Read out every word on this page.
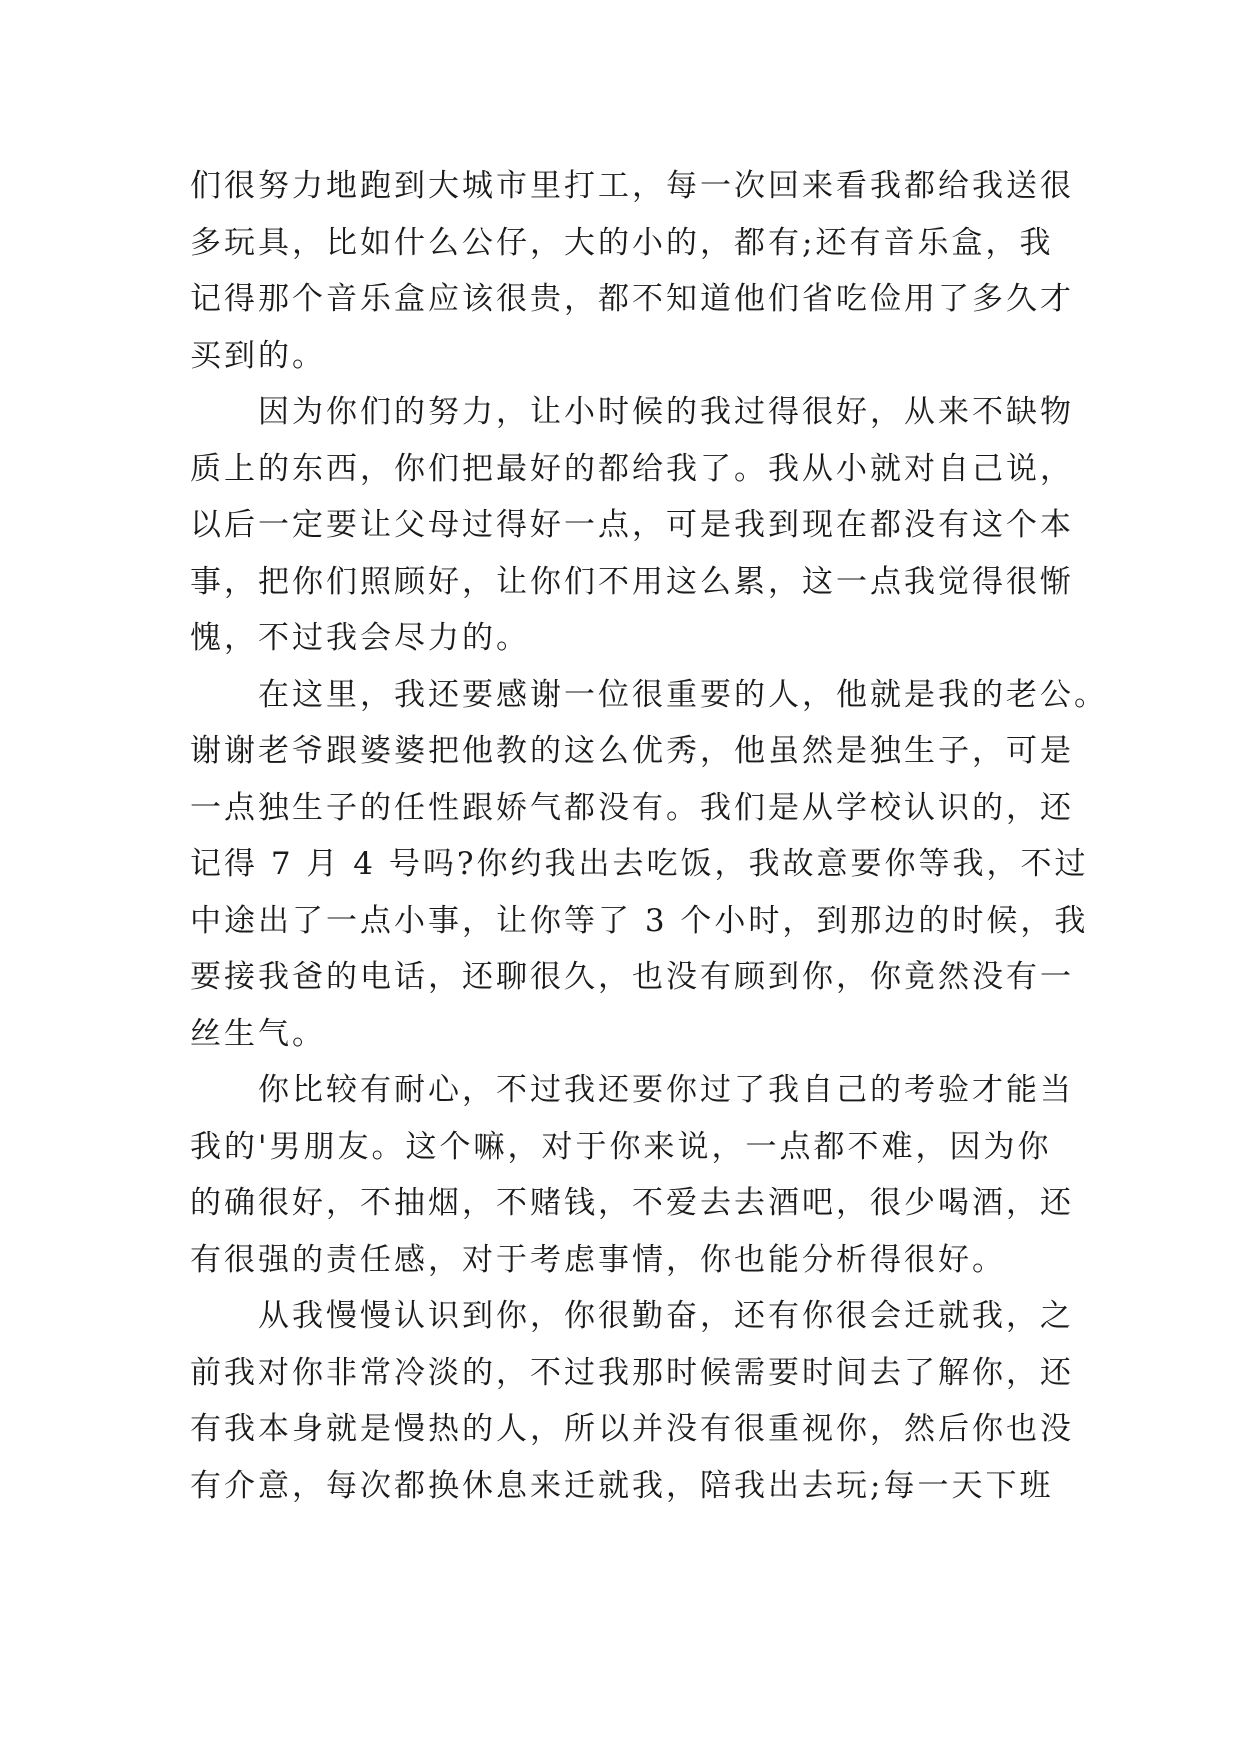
们很努力地跑到大城市里打工，每一次回来看我都给我送很
多玩具，比如什么公仔，大的小的，都有;还有音乐盒，我
记得那个音乐盒应该很贵，都不知道他们省吃俭用了多久才
买到的。
因为你们的努力，让小时候的我过得很好，从来不缺物
质上的东西，你们把最好的都给我了。我从小就对自己说，
以后一定要让父母过得好一点，可是我到现在都没有这个本
事，把你们照顾好，让你们不用这么累，这一点我觉得很惭
愧，不过我会尽力的。
在这里，我还要感谢一位很重要的人，他就是我的老公。
谢谢老爷跟婆婆把他教的这么优秀，他虽然是独生子，可是
一点独生子的任性跟娇气都没有。我们是从学校认识的，还
记得 7 月 4 号吗?你约我出去吃饭，我故意要你等我，不过
中途出了一点小事，让你等了 3 个小时，到那边的时候，我
要接我爸的电话，还聊很久，也没有顾到你，你竟然没有一
丝生气。
你比较有耐心，不过我还要你过了我自己的考验才能当
我的'男朋友。这个嘛，对于你来说，一点都不难，因为你
的确很好，不抽烟，不赌钱，不爱去去酒吧，很少喝酒，还
有很强的责任感，对于考虑事情，你也能分析得很好。
从我慢慢认识到你，你很勤奋，还有你很会迁就我，之
前我对你非常冷淡的，不过我那时候需要时间去了解你，还
有我本身就是慢热的人，所以并没有很重视你，然后你也没
有介意，每次都换休息来迁就我，陪我出去玩;每一天下班
